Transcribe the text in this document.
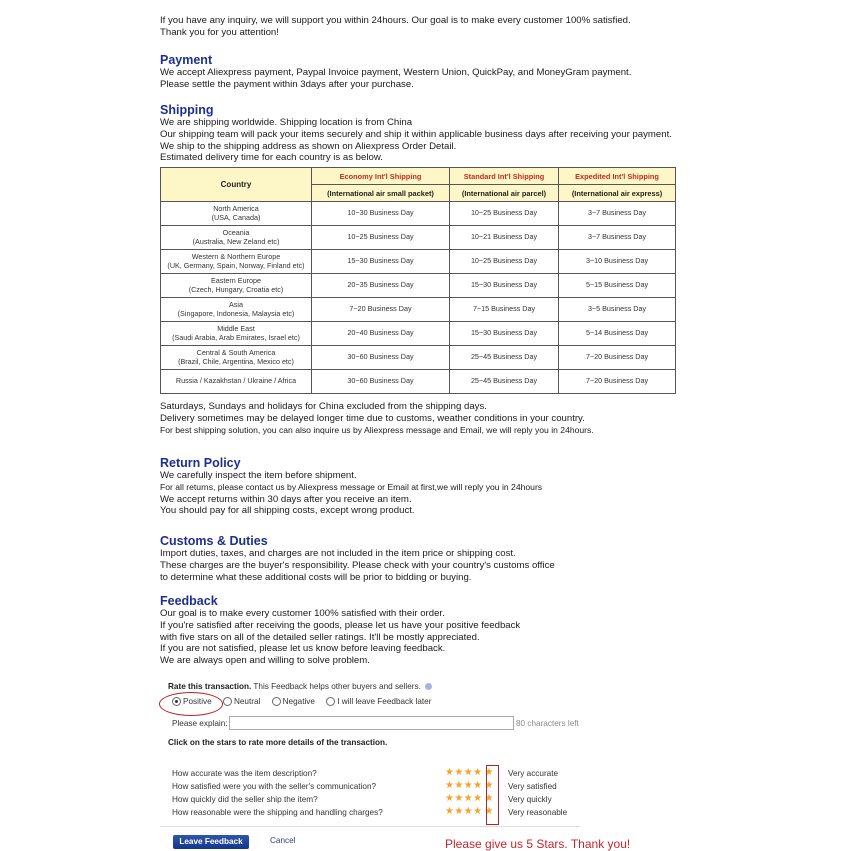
If you have any inquiry, we will support you within 24hours. Our goal is to make every customer 100% satisfied.

Thank you for you attention!

Payment

We accept Aliexpress payment, Paypal Invoice payment, Western Union, QuickPay, and MoneyGram payment.

Please settle the payment within 3days after your purchase.

Shipping

We are shipping worldwide. Shipping location is from China

Our shipping team will pack your items securely and ship it within applicable business days after receiving your payment.

We ship to the shipping address as shown on Aliexpress Order Detail.

Estimated delivery time for each country is as below.

Country	Economy Int'l Shipping	Standard Int'l Shipping	Expedited Int'l Shipping
	(International air small packet)	(International air parcel)	(International air express)

North America
(USA, Canada)	10~30 Business Day	10~25 Business Day	3~7 Business Day

Oceania
(Australia, New Zeland etc)	10~25 Business Day	10~21 Business Day	3~7 Business Day

Western & Northern Europe
(UK, Germany, Spain, Norway, Finland etc)	15~30 Business Day	10~25 Business Day	3~10 Business Day

Eastern Europe
(Czech, Hungary, Croatia etc)	20~35 Business Day	15~30 Business Day	5~15 Business Day

Asia
(Singapore, Indonesia, Malaysia etc)	7~20 Business Day	7~15 Business Day	3~5 Business Day

Middle East
(Saudi Arabia, Arab Emirates, Israel etc)	20~40 Business Day	15~30 Business Day	5~14 Business Day

Central & South America
(Brazil, Chile, Argentina, Mexico etc)	30~60 Business Day	25~45 Business Day	7~20 Business Day

Russia / Kazakhstan / Ukraine / Africa	30~60 Business Day	25~45 Business Day	7~20 Business Day

Saturdays, Sundays and holidays for China excluded from the shipping days.

Delivery sometimes may be delayed longer time due to customs, weather conditions in your country.

For best shipping solution, you can also inquire us by Aliexpress message and Email, we will reply you in 24hours.

Return Policy

We carefully inspect the item before shipment.

For all returns, please contact us by Aliexpress message or Email at first,we will reply you in 24hours

We accept returns within 30 days after you receive an item.

You should pay for all shipping costs, except wrong product.

Customs & Duties

Import duties, taxes, and charges are not included in the item price or shipping cost.

These charges are the buyer's responsibility. Please check with your country's customs office

to determine what these additional costs will be prior to bidding or buying.

Feedback

Our goal is to make every customer 100% satisfied with their order.

If you're satisfied after receiving the goods, please let us have your positive feedback

with five stars on all of the detailed seller ratings. It'll be mostly appreciated.

If you are not satisfied, please let us know before leaving feedback.

We are always open and willing to solve problem.

Rate this transaction. This Feedback helps other buyers and sellers.
Positive
	Neutral
	Negative
	I will leave Feedback later
Please explain:	80 characters left
Click on the stars to rate more details of the transaction.
How accurate was the item description?	★★★★ ★ Very accurate
How satisfied were you with the seller's communication?	★★★★ ★ Very satisfied
How quickly did the seller ship the item?	★★★★ ★ Very quickly
How reasonable were the shipping and handling charges?	★★★★ ★ Very reasonable
Leave Feedback	Cancel	Please give us 5 Stars. Thank you!
